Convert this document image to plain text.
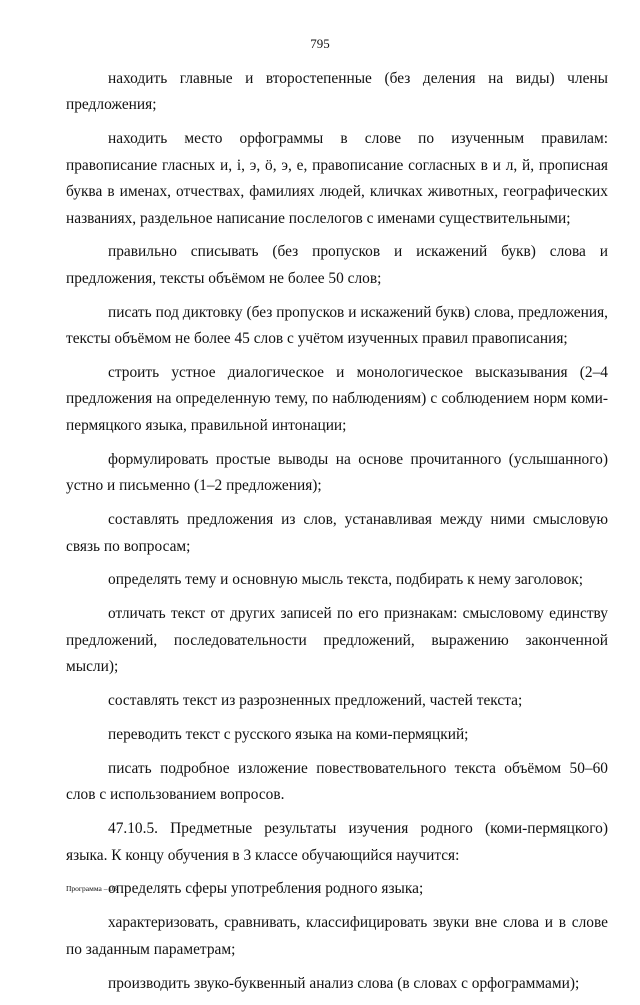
795

находить главные и второстепенные (без деления на виды) члены предложения;

находить место орфограммы в слове по изученным правилам: правописание гласных и, і, э, ö, э, е, правописание согласных в и л, й, прописная буква в именах, отчествах, фамилиях людей, кличках животных, географических названиях, раздельное написание послелогов с именами существительными;

правильно списывать (без пропусков и искажений букв) слова и предложения, тексты объёмом не более 50 слов;

писать под диктовку (без пропусков и искажений букв) слова, предложения, тексты объёмом не более 45 слов с учётом изученных правил правописания;

строить устное диалогическое и монологическое высказывания (2–4 предложения на определенную тему, по наблюдениям) с соблюдением норм коми-пермяцкого языка, правильной интонации;

формулировать простые выводы на основе прочитанного (услышанного) устно и письменно (1–2 предложения);

составлять предложения из слов, устанавливая между ними смысловую связь по вопросам;

определять тему и основную мысль текста, подбирать к нему заголовок;

отличать текст от других записей по его признакам: смысловому единству предложений, последовательности предложений, выражению законченной мысли);

составлять текст из разрозненных предложений, частей текста;

переводить текст с русского языка на коми-пермяцкий;

писать подробное изложение повествовательного текста объёмом 50–60 слов с использованием вопросов.

47.10.5. Предметные результаты изучения родного (коми-пермяцкого) языка. К концу обучения в 3 классе обучающийся научится:

определять сферы употребления родного языка;

характеризовать, сравнивать, классифицировать звуки вне слова и в слове по заданным параметрам;

производить звуко-буквенный анализ слова (в словах с орфограммами);

Программа – 03
